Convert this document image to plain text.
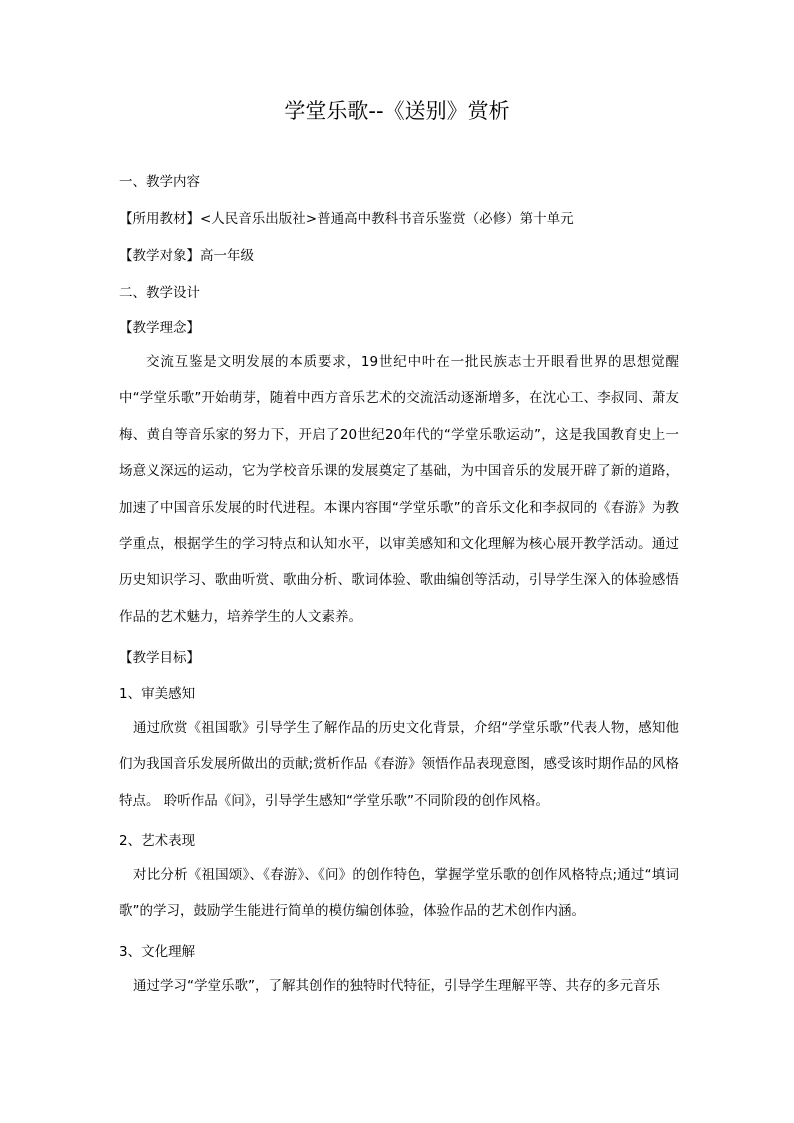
学堂乐歌--《送别》赏析
一、教学内容
【所用教材】<人民音乐出版社>普通高中教科书音乐鉴赏（必修）第十单元
【教学对象】高一年级
二、教学设计
【教学理念】
交流互鉴是文明发展的本质要求，19世纪中叶在一批民族志士开眼看世界的思想觉醒中“学堂乐歌”开始萌芽，随着中西方音乐艺术的交流活动逐渐增多，在沈心工、李叔同、萧友梅、黄自等音乐家的努力下，开启了20世纪20年代的“学堂乐歌运动”，这是我国教育史上一场意义深远的运动，它为学校音乐课的发展奠定了基础，为中国音乐的发展开辟了新的道路，加速了中国音乐发展的时代进程。本课内容围“学堂乐歌”的音乐文化和李叔同的《春游》为教学重点，根据学生的学习特点和认知水平，以审美感知和文化理解为核心展开教学活动。通过历史知识学习、歌曲听赏、歌曲分析、歌词体验、歌曲编创等活动，引导学生深入的体验感悟作品的艺术魅力，培养学生的人文素养。
【教学目标】
1、审美感知
通过欣赏《祖国歌》引导学生了解作品的历史文化背景，介绍“学堂乐歌”代表人物，感知他们为我国音乐发展所做出的贡献;赏析作品《春游》领悟作品表现意图，感受该时期作品的风格特点。 聆听作品《问》，引导学生感知“学堂乐歌”不同阶段的创作风格。
2、艺术表现
对比分析《祖国颂》、《春游》、《问》的创作特色，掌握学堂乐歌的创作风格特点;通过“填词歌”的学习，鼓励学生能进行简单的模仿编创体验，体验作品的艺术创作内涵。
3、文化理解
通过学习“学堂乐歌”，了解其创作的独特时代特征，引导学生理解平等、共存的多元音乐
